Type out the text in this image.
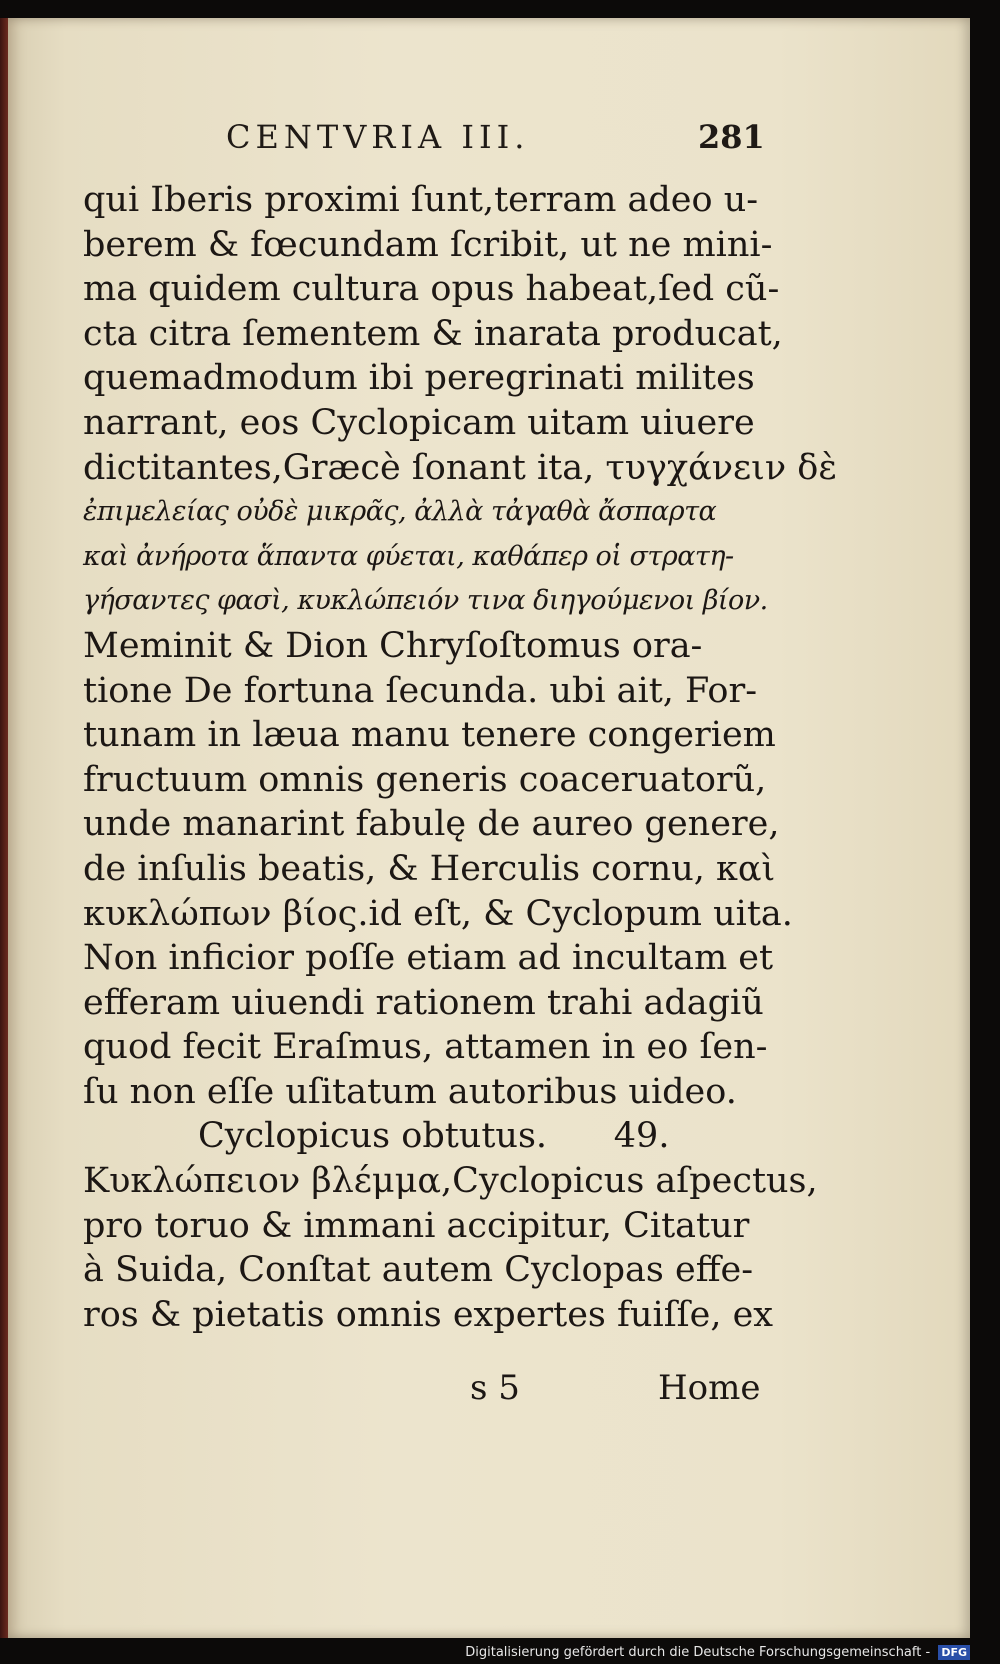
CENTVRIA III.	281
qui Iberis proximi ſunt,terram adeo u-
berem & fœcundam ſcribit, ut ne mini-
ma quidem cultura opus habeat,ſed cũ-
cta citra ſementem & inarata producat,
quemadmodum ibi peregrinati milites
narrant, eos Cyclopicam uitam uiuere
dictitantes,Græcè ſonant ita, τυγχάνειν δὲ
ἐπιμελείας οὐδὲ μικρᾶς, ἀλλὰ τἀγαθὰ ἄσπαρτα
καὶ ἀνήροτα ἅπαντα φύεται, καθάπερ οἱ στρατη-
γήσαντες φασὶ, κυκλώπειόν τινα διηγούμενοι βίον.
Meminit & Dion Chryſoſtomus ora-
tione De fortuna ſecunda. ubi ait, For-
tunam in læua manu tenere congeriem
fructuum omnis generis coaceruatorũ,
unde manarint fabulę de aureo genere,
de inſulis beatis, & Herculis cornu, καὶ
κυκλώπων βίος.id eſt, & Cyclopum uita.
Non inficior poſſe etiam ad incultam et
efferam uiuendi rationem trahi adagiũ
quod fecit Eraſmus, attamen in eo ſen-
ſu non eſſe uſitatum autoribus uideo.
Cyclopicus obtutus.      49.
Κυκλώπειον βλέμμα,Cyclopicus aſpectus,
pro toruo & immani accipitur, Citatur
à Suida, Conſtat autem Cyclopas effe-
ros & pietatis omnis expertes fuiſſe, ex
s 5	Home
Digitalisierung gefördert durch die Deutsche Forschungsgemeinschaft - DFG
